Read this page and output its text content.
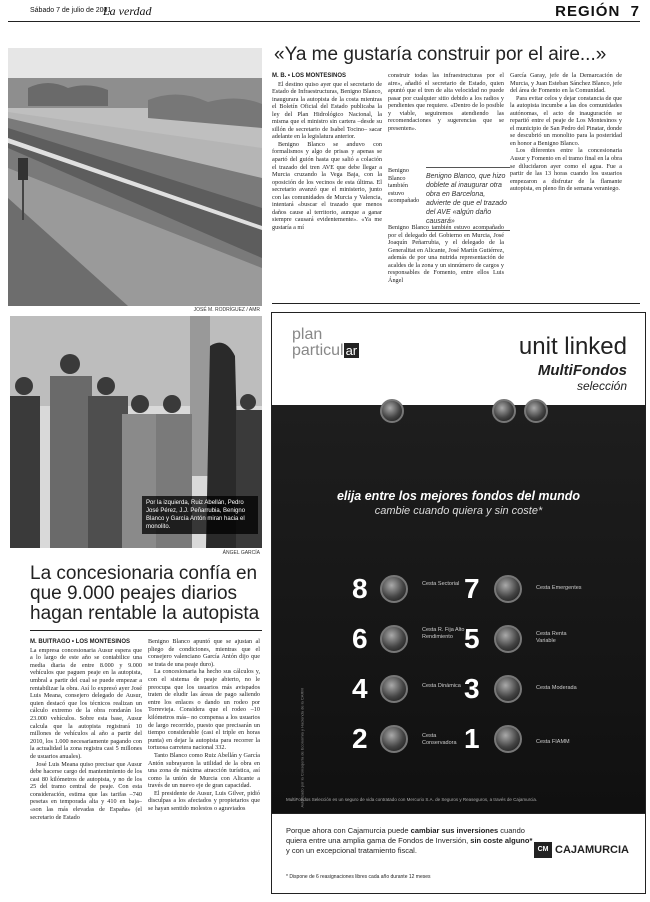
Sábado 7 de julio de 2001
La verdad	REGIÓN 7
JOSÉ M. RODRÍGUEZ / AMR
«Ya me gustaría construir por el aire...»

M. B. • LOS MONTESINOS

El destino quiso ayer que el secretario de Estado de Infraestructuras, Benigno Blanco, inaugurara la autopista de la costa mientras el Boletín Oficial del Estado publicaba la ley del Plan Hidrológico Nacional, la misma que el ministro sin cartera –desde su sillón de secretario de Isabel Tocino– sacar adelante en la legislatura anterior.

Benigno Blanco se anduvo con formalismos y algo de prisas y apenas se apartó del guión hasta que salió a colación el trazado del tren AVE que debe llegar a Murcia cruzando la Vega Baja, con la oposición de los vecinos de esta última. El secretario avanzó que el ministerio, junto con las comunidades de Murcia y Valencia, intentará «buscar el trazado que menos daños cause al territorio, aunque a ganar siempre causará evidentemente». «Ya me gustaría a mí

construir todas las infraestructuras por el aire», añadió el secretario de Estado, quien apuntó que el tren de alta velocidad no puede pasar por cualquier sitio debido a los radios y pendientes que requiere. «Dentro de lo posible y viable, seguiremos atendiendo las recomendaciones y sugerencias que se presenten».

Benigno Blanco, que hizo doblete al inaugurar otra obra en Barcelona, advierte de que el trazado del AVE «algún daño causará»

Benigno Blanco también estuvo acompañado

Benigno Blanco también estuvo acompañado por el delegado del Gobierno en Murcia, José Joaquín Peñarrubia, y el delegado de la Generalitat en Alicante, José Martín Gutiérrez, además de por una nutrida representación de acaldes de la zona y un sinnúmero de cargos y responsables de Fomento, entre ellos Luis Ángel

García Garay, jefe de la Demarcación de Murcia, y Juan Esteban Sánchez Blanco, jefe del área de Fomento en la Comunidad.

Para evitar celos y dejar constancia de que la autopista incumbe a las dos comunidades autónomas, el acto de inauguración se repartió entre el peaje de Los Montesinos y el municipio de San Pedro del Pinatar, donde se descubrió un monolito para la posteridad en honor a Benigno Blanco.

Los diferentes entre la concesionaria Ausur y Fomento en el tramo final en la obra se dilucidaron ayer como el agua. Fue a partir de las 13 horas cuando los usuarios empezaron a disfrutar de la flamante autopista, en pleno fin de semana veraniego.

Por la izquierda, Ruiz Abellán, Pedro José Pérez, J.J. Peñarrubia, Benigno Blanco y García Antón miran hacia el monolito.
ÁNGEL GARCÍA
La concesionaria confía en que 9.000 peajes diarios hagan rentable la autopista

M. BUITRAGO • LOS MONTESINOS

La empresa concesionaria Ausur espera que a lo largo de este año se contabilice una media diaria de entre 8.000 y 9.000 vehículos que paguen peaje en la autopista, umbral a partir del cual se puede empezar a rentabilizar la obra. Así lo expresó ayer José Luis Meana, consejero delegado de Ausur, quien destacó que los técnicos realizan un cálculo extremo de la obra rondarán los 23.000 vehículos. Sobre esta base, Ausur calcula que la autopista registrará 10 millones de vehículos al año a partir del 2010, los 1.000 necesariamente pagando con la actualidad la zona registra casi 5 millones de usuarios anuales).

José Luis Meana quiso precisar que Ausur debe hacerse cargo del mantenimiento de los casi 80 kilómetros de autopista, y no de los 25 del tramo central de peaje. Con esta consideración, estima que las tarifas –740 pesetas en temporada alta y 410 en baja– «son las más elevadas de España» (el secretario de Estado

Benigno Blanco apuntó que se ajustan al pliego de condiciones, mientras que el consejero valenciano García Antón dijo que se trata de una peaje duro).

La concesionaria ha hecho sus cálculos y, con el sistema de peaje abierto, no le preocupa que los usuarios más avispados traten de eludir las áreas de pago saliendo entre los enlaces o dando un rodeo por Torrevieja. Considera que el rodeo –10 kilómetros más– no compensa a los usuarios de largo recorrido, puesto que precisarán un tiempo considerable (casi el triple en horas punta) en dejar la autopista para recorrer la tortuosa carretera nacional 332.

Tanto Blanco como Ruiz Abellán y García Antón subrayaron la utilidad de la obra en una zona de máxima atracción turística, así como la unión de Murcia con Alicante a través de un nuevo eje de gran capacidad.

El presidente de Ausur, Luis Gilver, pidió disculpas a los afectados y propietarios que se hayan sentido molestos o agraviados

plan
particul ar	unit linked
MultiFondos
selección
elija entre los mejores fondos del mundo
cambie cuando quiera y sin coste*
8	Cesta Sectorial
6	Cesta R. Fija Alto Rendimiento
4	Cesta Dinámica
2	Cesta Conservadora
7	Cesta Emergentes
5	Cesta Renta Variable
3	Cesta Moderada
1	Cesta FIAMM
Autorizado por la Consejería de Economía y Hacienda de la CARM
MultiFondos Selección es un seguro de vida contratado con Mercurio S.A. de Seguros y Reaseguros, a través de Cajamurcia.
Porque ahora con Cajamurcia puede cambiar sus inversiones cuando quiera entre una amplia gama de Fondos de Inversión, sin coste alguno* y con un excepcional tratamiento fiscal.
* Dispone de 6 reasignaciones libres cada año durante 12 meses
CM CAJAMURCIA
